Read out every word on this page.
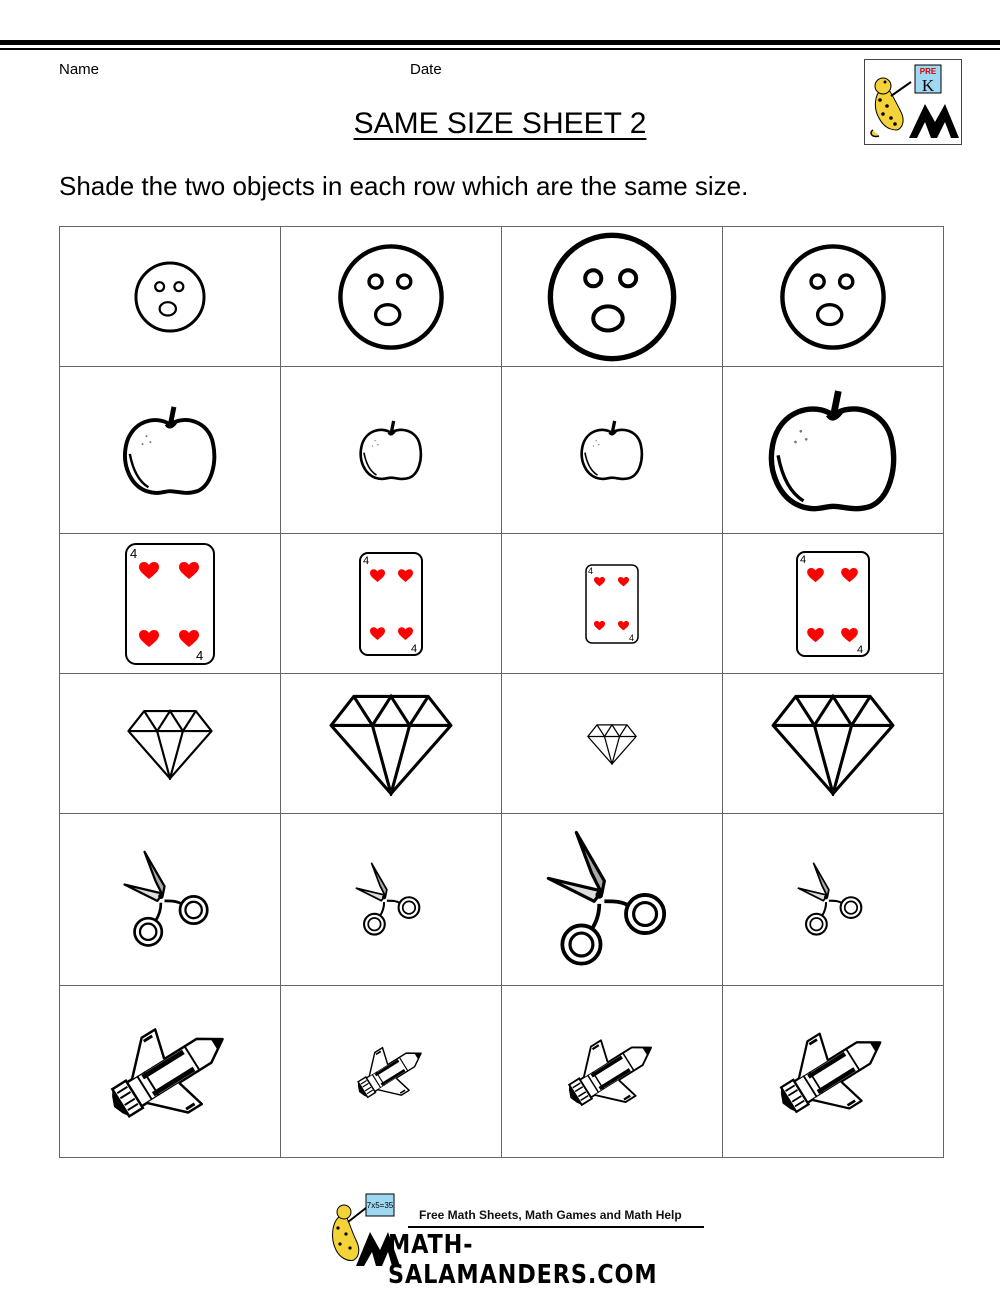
Name	Date	PRE
K
SAME SIZE SHEET 2
Shade the two objects in each row which are the same size.

4
4	4
4	4
4	4
4

7x5=35
Free Math Sheets, Math Games and Math Help
MATH-SALAMANDERS.COM
